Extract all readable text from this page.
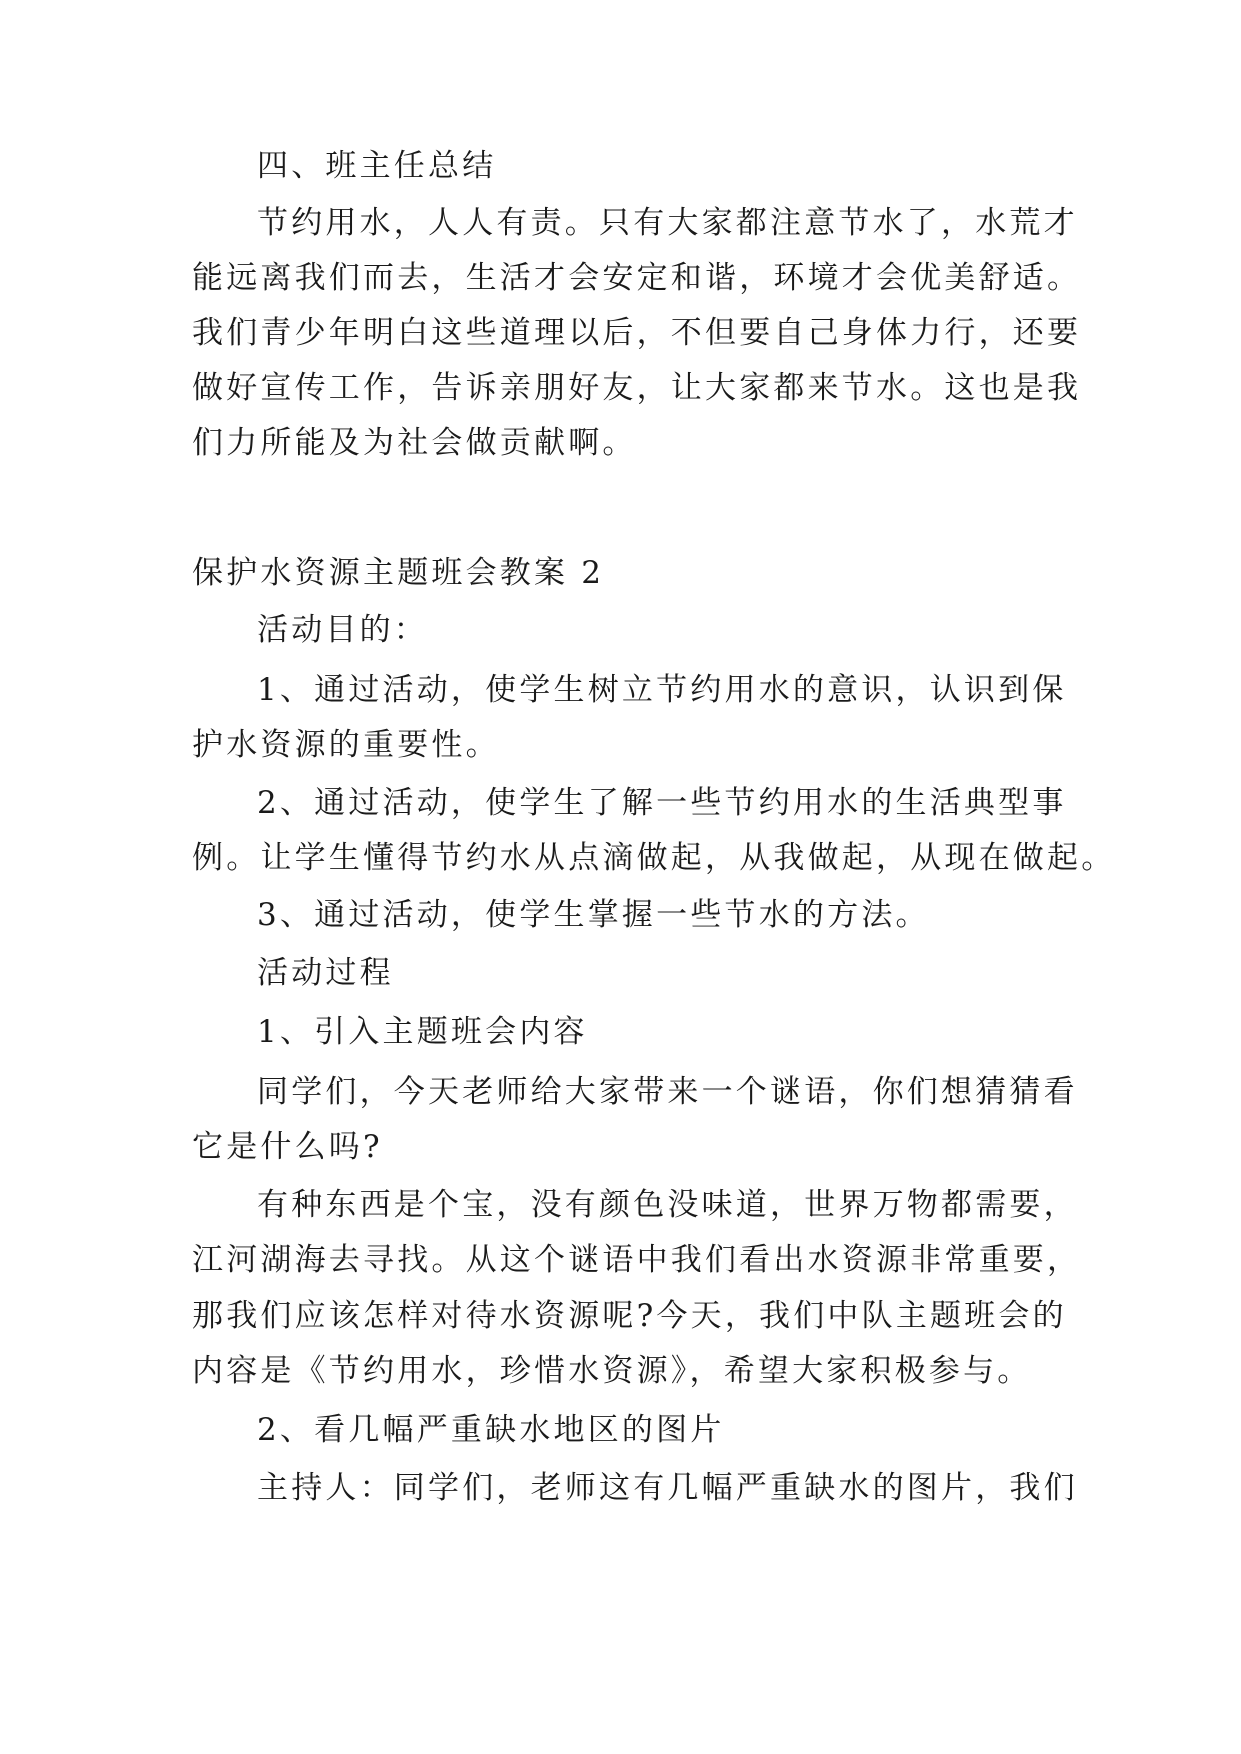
四、班主任总结
节约用水，人人有责。只有大家都注意节水了，水荒才
能远离我们而去，生活才会安定和谐，环境才会优美舒适。
我们青少年明白这些道理以后，不但要自己身体力行，还要
做好宣传工作，告诉亲朋好友，让大家都来节水。这也是我
们力所能及为社会做贡献啊。
保护水资源主题班会教案 2
活动目的：
1、通过活动，使学生树立节约用水的意识，认识到保
护水资源的重要性。
2、通过活动，使学生了解一些节约用水的生活典型事
例。让学生懂得节约水从点滴做起，从我做起，从现在做起。
3、通过活动，使学生掌握一些节水的方法。
活动过程
1、引入主题班会内容
同学们，今天老师给大家带来一个谜语，你们想猜猜看
它是什么吗?
有种东西是个宝，没有颜色没味道，世界万物都需要，
江河湖海去寻找。从这个谜语中我们看出水资源非常重要，
那我们应该怎样对待水资源呢?今天，我们中队主题班会的
内容是《节约用水，珍惜水资源》，希望大家积极参与。
2、看几幅严重缺水地区的图片
主持人：同学们，老师这有几幅严重缺水的图片，我们
